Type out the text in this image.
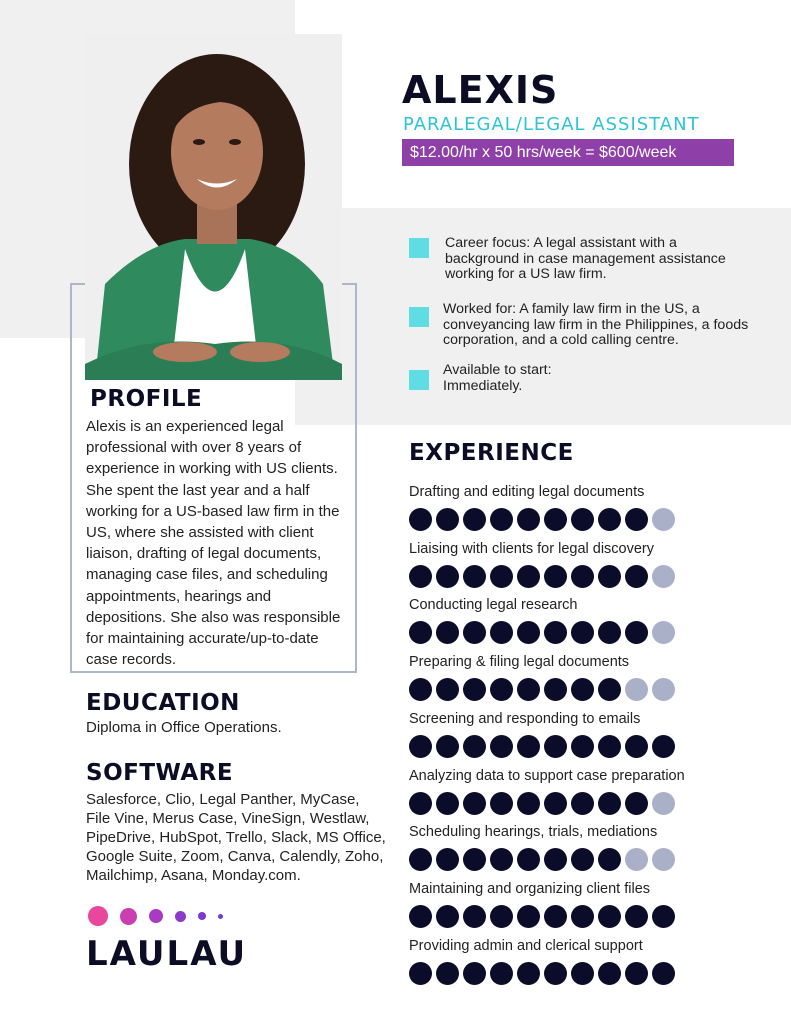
ALEXIS
PARALEGAL/LEGAL ASSISTANT
$12.00/hr x 50 hrs/week = $600/week
Career focus: A legal assistant with a background in case management assistance working for a US law firm.
Worked for: A family law firm in the US, a conveyancing law firm in the Philippines, a foods corporation, and a cold calling centre.
Available to start: Immediately.
PROFILE
Alexis is an experienced legal professional with over 8 years of experience in working with US clients. She spent the last year and a half working for a US-based law firm in the US, where she assisted with client liaison, drafting of legal documents, managing case files, and scheduling appointments, hearings and depositions. She also was responsible for maintaining accurate/up-to-date case records.
EXPERIENCE
Drafting and editing legal documents
Liaising with clients for legal discovery
Conducting legal research
Preparing & filing legal documents
Screening and responding to emails
Analyzing data to support case preparation
Scheduling hearings, trials, mediations
Maintaining and organizing client files
Providing admin and clerical support
EDUCATION
Diploma in Office Operations.
SOFTWARE
Salesforce, Clio, Legal Panther, MyCase, File Vine, Merus Case, VineSign, Westlaw, PipeDrive, HubSpot, Trello, Slack, MS Office, Google Suite, Zoom, Canva, Calendly, Zoho, Mailchimp, Asana, Monday.com.
LAULAU
